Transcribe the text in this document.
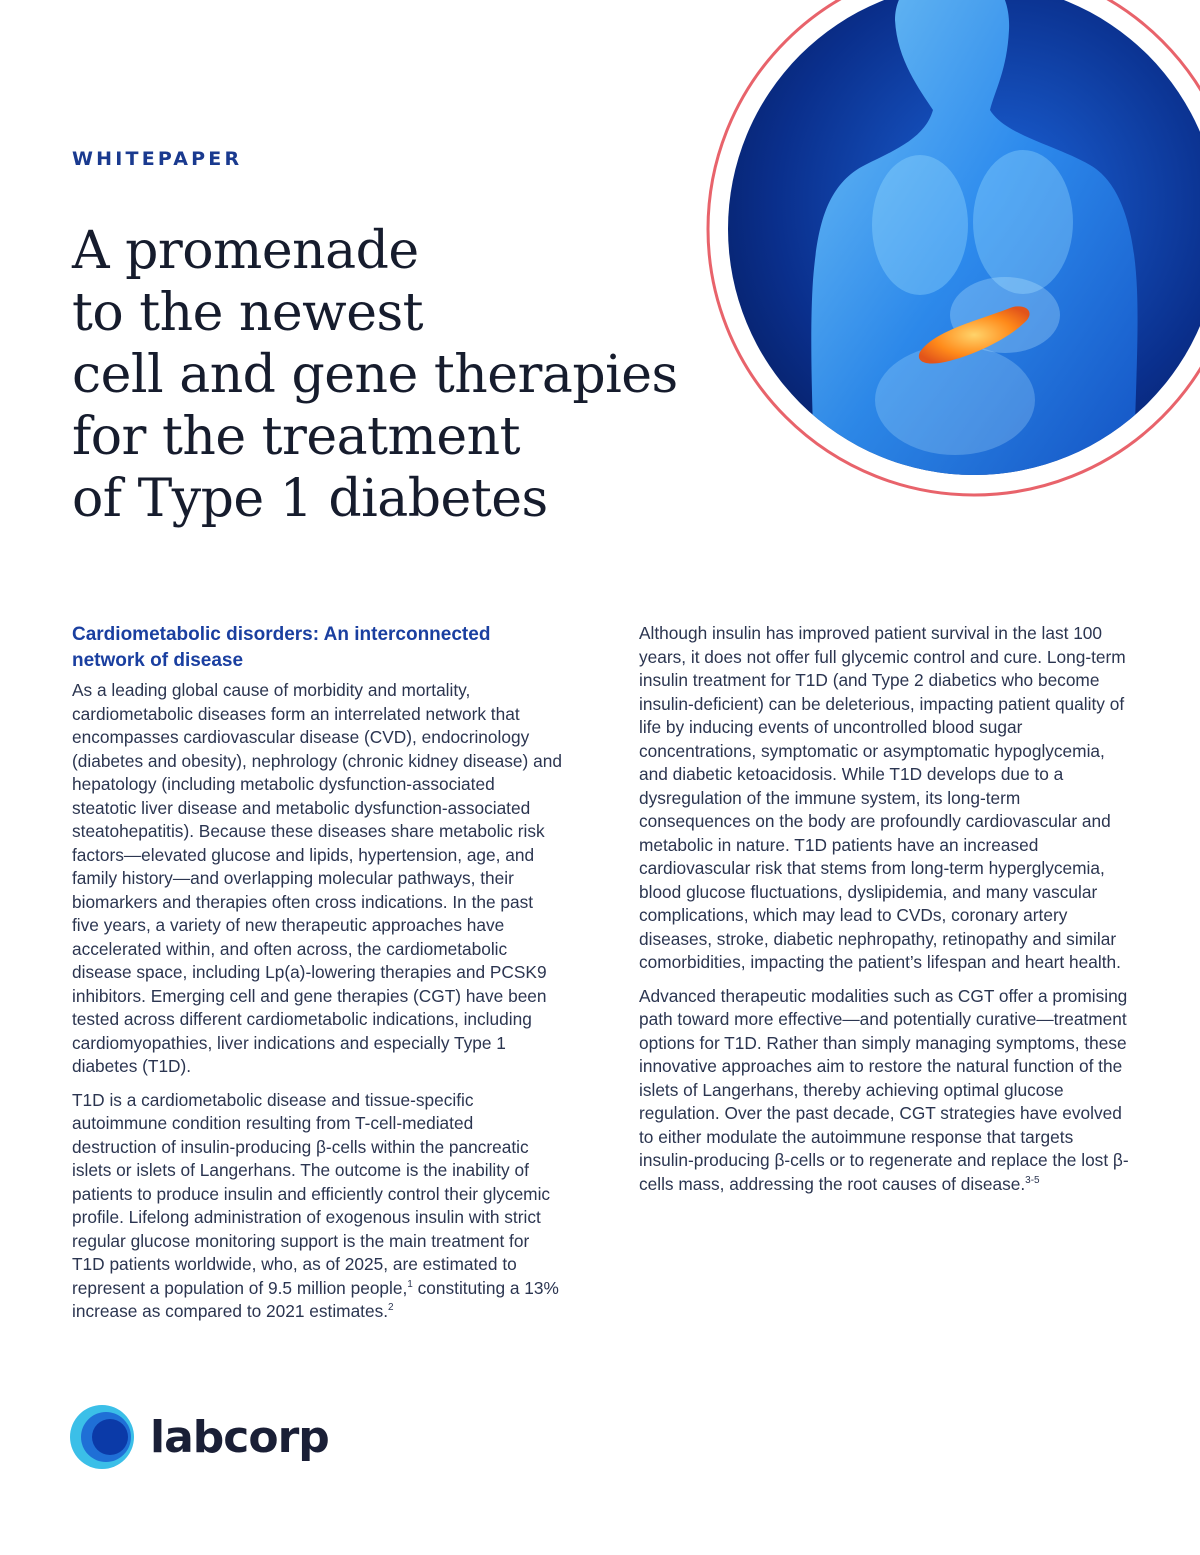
WHITEPAPER
A promenade
to the newest
cell and gene therapies
for the treatment
of Type 1 diabetes
Cardiometabolic disorders: An interconnected network of disease

As a leading global cause of morbidity and mortality, cardiometabolic diseases form an interrelated network that encompasses cardiovascular disease (CVD), endocrinology (diabetes and obesity), nephrology (chronic kidney disease) and hepatology (including metabolic dysfunction-associated steatotic liver disease and metabolic dysfunction-associated steatohepatitis). Because these diseases share metabolic risk factors—elevated glucose and lipids, hypertension, age, and family history—and overlapping molecular pathways, their biomarkers and therapies often cross indications. In the past five years, a variety of new therapeutic approaches have accelerated within, and often across, the cardiometabolic disease space, including Lp(a)-lowering therapies and PCSK9 inhibitors. Emerging cell and gene therapies (CGT) have been tested across different cardiometabolic indications, including cardiomyopathies, liver indications and especially Type 1 diabetes (T1D).

T1D is a cardiometabolic disease and tissue-specific autoimmune condition resulting from T-cell-mediated destruction of insulin-producing β-cells within the pancreatic islets or islets of Langerhans. The outcome is the inability of patients to produce insulin and efficiently control their glycemic profile. Lifelong administration of exogenous insulin with strict regular glucose monitoring support is the main treatment for T1D patients worldwide, who, as of 2025, are estimated to represent a population of 9.5 million people,$^1$ constituting a 13% increase as compared to 2021 estimates.$^2$

Although insulin has improved patient survival in the last 100 years, it does not offer full glycemic control and cure. Long-term insulin treatment for T1D (and Type 2 diabetics who become insulin-deficient) can be deleterious, impacting patient quality of life by inducing events of uncontrolled blood sugar concentrations, symptomatic or asymptomatic hypoglycemia, and diabetic ketoacidosis. While T1D develops due to a dysregulation of the immune system, its long-term consequences on the body are profoundly cardiovascular and metabolic in nature. T1D patients have an increased cardiovascular risk that stems from long-term hyperglycemia, blood glucose fluctuations, dyslipidemia, and many vascular complications, which may lead to CVDs, coronary artery diseases, stroke, diabetic nephropathy, retinopathy and similar comorbidities, impacting the patient’s lifespan and heart health.

Advanced therapeutic modalities such as CGT offer a promising path toward more effective—and potentially curative—treatment options for T1D. Rather than simply managing symptoms, these innovative approaches aim to restore the natural function of the islets of Langerhans, thereby achieving optimal glucose regulation. Over the past decade, CGT strategies have evolved to either modulate the autoimmune response that targets insulin-producing β-cells or to regenerate and replace the lost β-cells mass, addressing the root causes of disease.$^{3-5}$

labcorp
